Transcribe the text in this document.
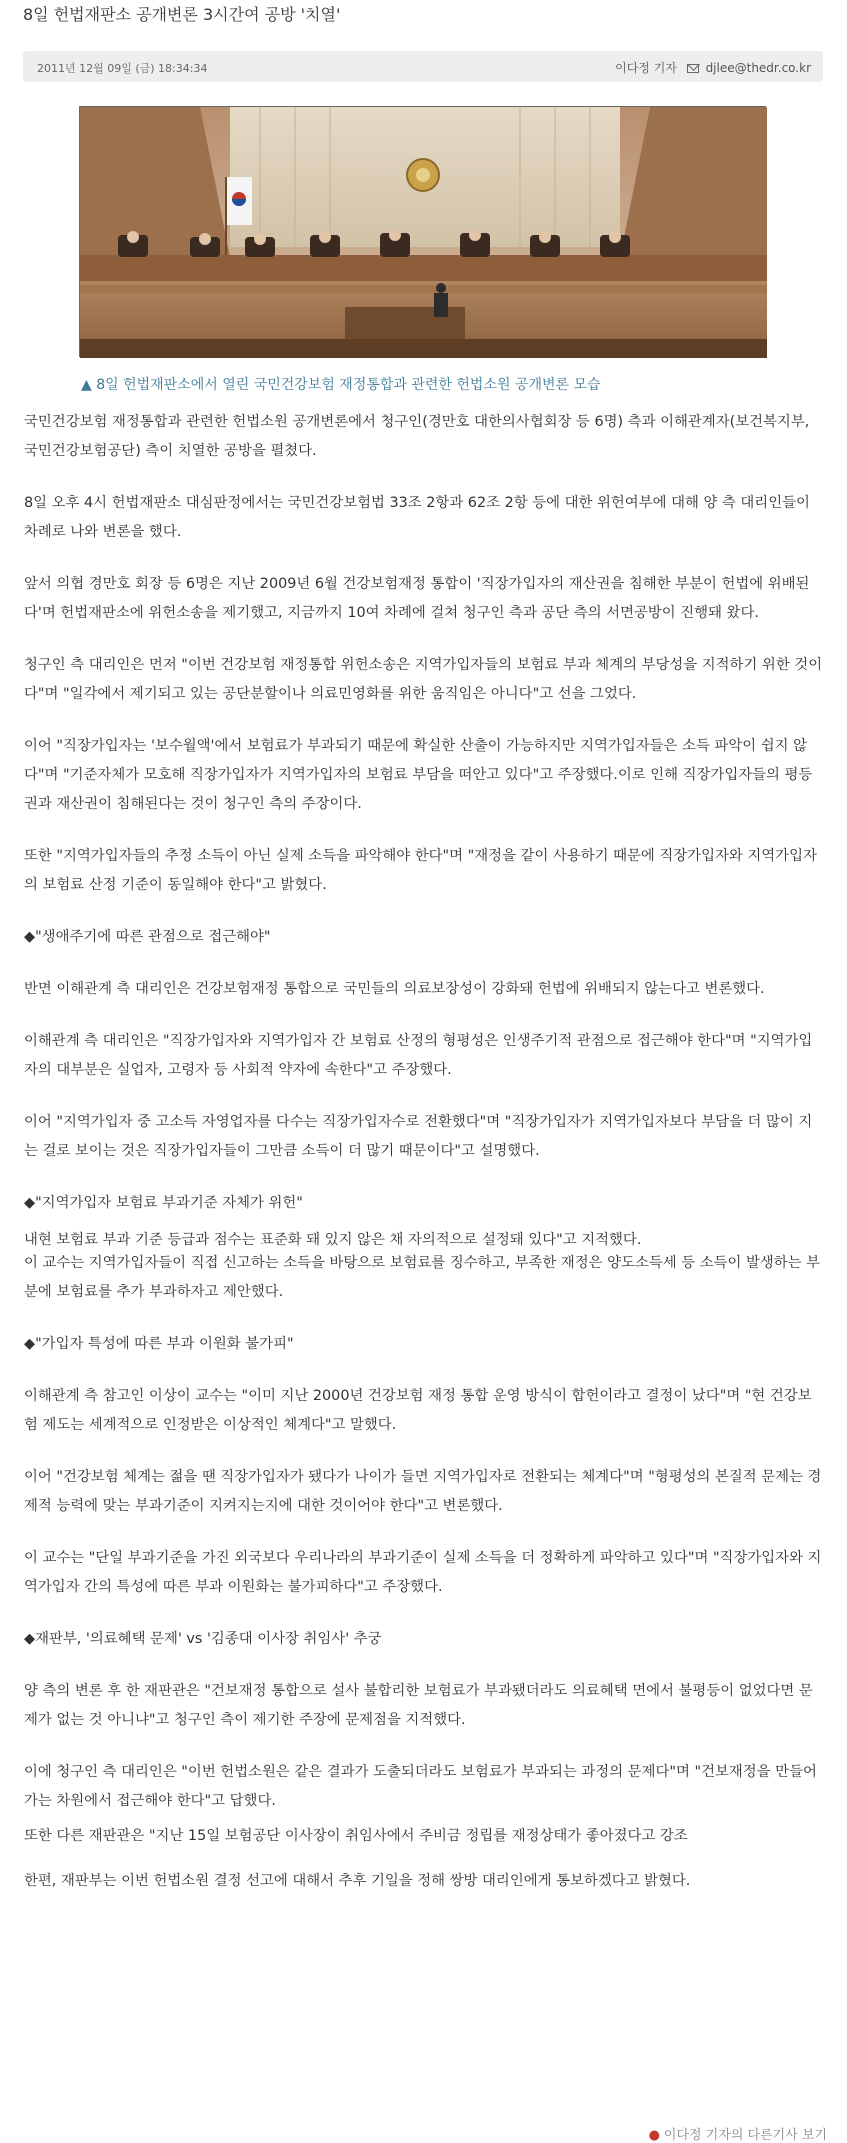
8일 헌법재판소 공개변론 3시간여 공방 '치열'
2011년 12월 09일 (금) 18:34:34	이다정 기자 djlee@thedr.co.kr
▲ 8일 헌법재판소에서 열린 국민건강보험 재정통합과 관련한 헌법소원 공개변론 모습

국민건강보험 재정통합과 관련한 헌법소원 공개변론에서 청구인(경만호 대한의사협회장 등 6명) 측과 이해관계자(보건복지부, 국민건강보험공단) 측이 치열한 공방을 펼쳤다.

8일 오후 4시 헌법재판소 대심판정에서는 국민건강보험법 33조 2항과 62조 2항 등에 대한 위헌여부에 대해 양 측 대리인들이 차례로 나와 변론을 했다.

앞서 의협 경만호 회장 등 6명은 지난 2009년 6월 건강보험재정 통합이 '직장가입자의 재산권을 침해한 부분이 헌법에 위배된다'며 헌법재판소에 위헌소송을 제기했고, 지금까지 10여 차례에 걸쳐 청구인 측과 공단 측의 서면공방이 진행돼 왔다.

청구인 측 대리인은 먼저 "이번 건강보험 재정통합 위헌소송은 지역가입자들의 보험료 부과 체계의 부당성을 지적하기 위한 것이다"며 "일각에서 제기되고 있는 공단분할이나 의료민영화를 위한 움직임은 아니다"고 선을 그었다.

이어 "직장가입자는 '보수월액'에서 보험료가 부과되기 때문에 확실한 산출이 가능하지만 지역가입자들은 소득 파악이 쉽지 않다"며 "기준자체가 모호해 직장가입자가 지역가입자의 보험료 부담을 떠안고 있다"고 주장했다.이로 인해 직장가입자들의 평등권과 재산권이 침해된다는 것이 청구인 측의 주장이다.

또한 "지역가입자들의 추정 소득이 아닌 실제 소득을 파악해야 한다"며 "재정을 같이 사용하기 때문에 직장가입자와 지역가입자의 보험료 산정 기준이 동일해야 한다"고 밝혔다.

◆"생애주기에 따른 관점으로 접근해야"

반면 이해관계 측 대리인은 건강보험재정 통합으로 국민들의 의료보장성이 강화돼 헌법에 위배되지 않는다고 변론했다.

이해관계 측 대리인은 "직장가입자와 지역가입자 간 보험료 산정의 형평성은 인생주기적 관점으로 접근해야 한다"며 "지역가입자의 대부분은 실업자, 고령자 등 사회적 약자에 속한다"고 주장했다.

이어 "지역가입자 중 고소득 자영업자를 다수는 직장가입자수로 전환했다"며 "직장가입자가 지역가입자보다 부담을 더 많이 지는 걸로 보이는 것은 직장가입자들이 그만큼 소득이 더 많기 때문이다"고 설명했다.

◆"지역가입자 보험료 부과기준 자체가 위헌"

내현 보험료 부과 기준 등급과 점수는 표준화 돼 있지 않은 채 자의적으로 설정돼 있다"고 지적했다.

이 교수는 지역가입자들이 직접 신고하는 소득을 바탕으로 보험료를 징수하고, 부족한 재정은 양도소득세 등 소득이 발생하는 부분에 보험료를 추가 부과하자고 제안했다.

◆"가입자 특성에 따른 부과 이원화 불가피"

이해관계 측 참고인 이상이 교수는 "이미 지난 2000년 건강보험 재정 통합 운영 방식이 합헌이라고 결정이 났다"며 "현 건강보험 제도는 세계적으로 인정받은 이상적인 체계다"고 말했다.

이어 "건강보험 체계는 젊을 땐 직장가입자가 됐다가 나이가 들면 지역가입자로 전환되는 체계다"며 "형평성의 본질적 문제는 경제적 능력에 맞는 부과기준이 지켜지는지에 대한 것이어야 한다"고 변론했다.

이 교수는 "단일 부과기준을 가진 외국보다 우리나라의 부과기준이 실제 소득을 더 정확하게 파악하고 있다"며 "직장가입자와 지역가입자 간의 특성에 따른 부과 이원화는 불가피하다"고 주장했다.

◆재판부, '의료혜택 문제' vs '김종대 이사장 취임사' 추궁

양 측의 변론 후 한 재판관은 "건보재정 통합으로 설사 불합리한 보험료가 부과됐더라도 의료혜택 면에서 불평등이 없었다면 문제가 없는 것 아니냐"고 청구인 측이 제기한 주장에 문제점을 지적했다.

이에 청구인 측 대리인은 "이번 헌법소원은 같은 결과가 도출되더라도 보험료가 부과되는 과정의 문제다"며 "건보재정을 만들어가는 차원에서 접근해야 한다"고 답했다.

또한 다른 재판관은 "지난 15일 보험공단 이사장이 취임사에서 주비금 정립를 재정상태가 좋아졌다고 강조

한편, 재판부는 이번 헌법소원 결정 선고에 대해서 추후 기일을 정해 쌍방 대리인에게 통보하겠다고 밝혔다.

● 이다정 기자의 다른기사 보기
